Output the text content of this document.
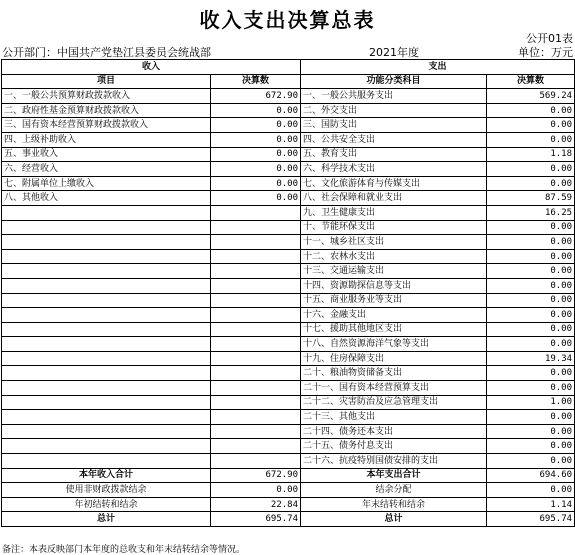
收入支出决算总表
公开01表
公开部门：中国共产党垫江县委员会统战部	2021年度	单位：万元
收入		支出	
项目	决算数	功能分类科目	决算数
一、一般公共预算财政拨款收入	672.90	一、一般公共服务支出	569.24
二、政府性基金预算财政拨款收入	0.00	二、外交支出	0.00
三、国有资本经营预算财政拨款收入	0.00	三、国防支出	0.00
四、上级补助收入	0.00	四、公共安全支出	0.00
五、事业收入	0.00	五、教育支出	1.18
六、经营收入	0.00	六、科学技术支出	0.00
七、附属单位上缴收入	0.00	七、文化旅游体育与传媒支出	0.00
八、其他收入	0.00	八、社会保障和就业支出	87.59
		九、卫生健康支出	16.25
		十、节能环保支出	0.00
		十一、城乡社区支出	0.00
		十二、农林水支出	0.00
		十三、交通运输支出	0.00
		十四、资源勘探信息等支出	0.00
		十五、商业服务业等支出	0.00
		十六、金融支出	0.00
		十七、援助其他地区支出	0.00
		十八、自然资源海洋气象等支出	0.00
		十九、住房保障支出	19.34
		二十、粮油物资储备支出	0.00
		二十一、国有资本经营预算支出	0.00
		二十二、灾害防治及应急管理支出	1.00
		二十三、其他支出	0.00
		二十四、债务还本支出	0.00
		二十五、债务付息支出	0.00
		二十六、抗疫特别国债安排的支出	0.00
本年收入合计	672.90	本年支出合计	694.60
使用非财政拨款结余	0.00	结余分配	0.00
年初结转和结余	22.84	年末结转和结余	1.14
总计	695.74	总计	695.74
备注：本表反映部门本年度的总收支和年末结转结余等情况。
